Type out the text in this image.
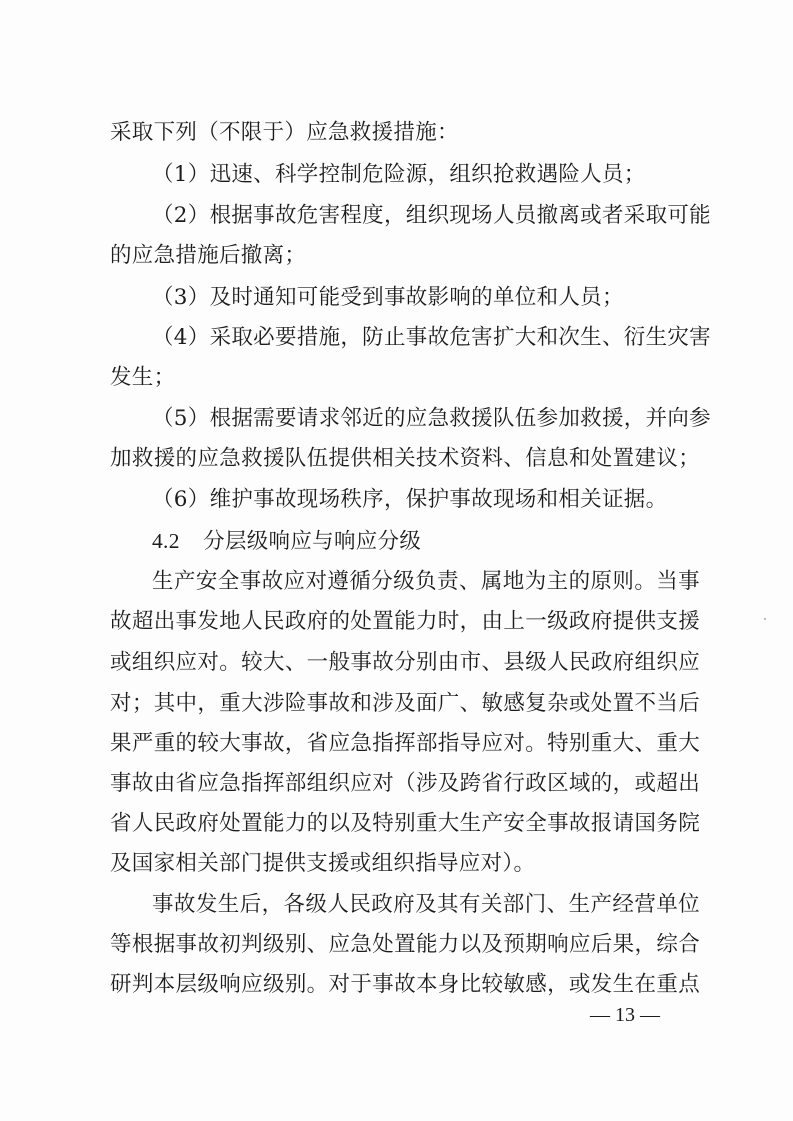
采取下列（不限于）应急救援措施：
（1）迅速、科学控制危险源，组织抢救遇险人员；
（2）根据事故危害程度，组织现场人员撤离或者采取可能
的应急措施后撤离；
（3）及时通知可能受到事故影响的单位和人员；
（4）采取必要措施，防止事故危害扩大和次生、衍生灾害
发生；
（5）根据需要请求邻近的应急救援队伍参加救援，并向参
加救援的应急救援队伍提供相关技术资料、信息和处置建议；
（6）维护事故现场秩序，保护事故现场和相关证据。
4.2 分层级响应与响应分级
生产安全事故应对遵循分级负责、属地为主的原则。当事
故超出事发地人民政府的处置能力时，由上一级政府提供支援
或组织应对。较大、一般事故分别由市、县级人民政府组织应
对；其中，重大涉险事故和涉及面广、敏感复杂或处置不当后
果严重的较大事故，省应急指挥部指导应对。特别重大、重大
事故由省应急指挥部组织应对（涉及跨省行政区域的，或超出
省人民政府处置能力的以及特别重大生产安全事故报请国务院
及国家相关部门提供支援或组织指导应对）。
事故发生后，各级人民政府及其有关部门、生产经营单位
等根据事故初判级别、应急处置能力以及预期响应后果，综合
研判本层级响应级别。对于事故本身比较敏感，或发生在重点
— 13 —
